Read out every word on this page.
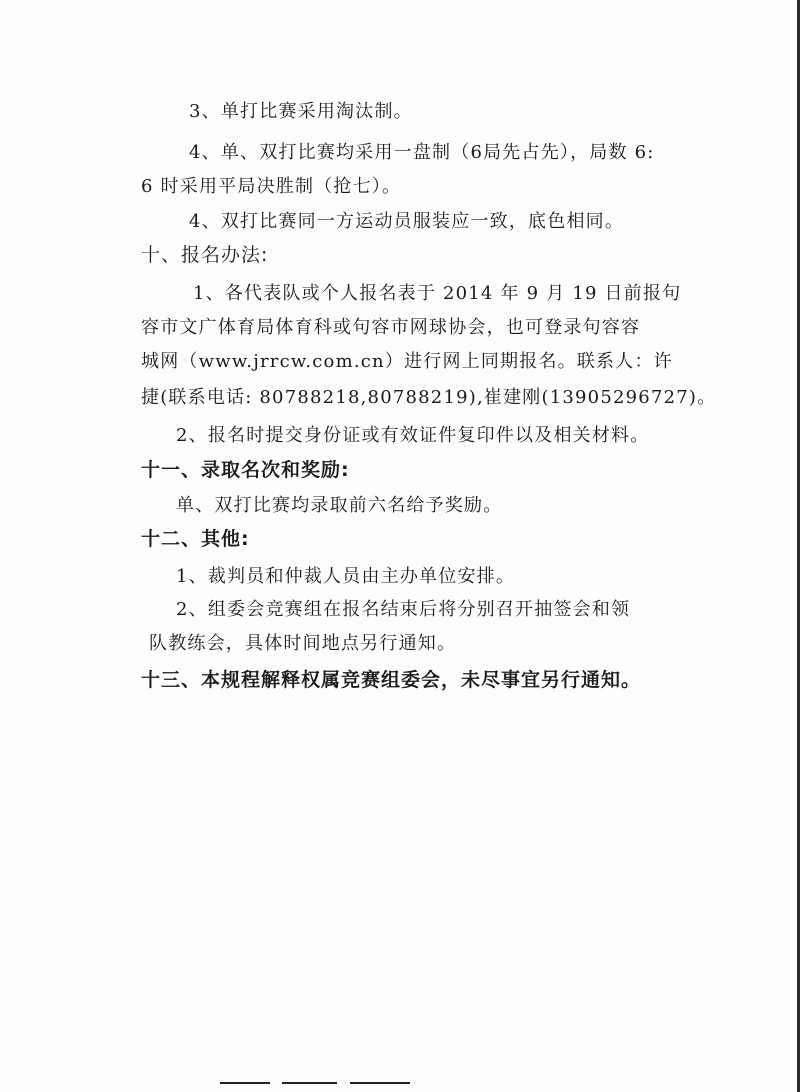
3、单打比赛采用淘汰制。
4、单、双打比赛均采用一盘制（6局先占先），局数 6:
6 时采用平局决胜制（抢七）。
4、双打比赛同一方运动员服装应一致，底色相同。
十、报名办法:
1、各代表队或个人报名表于 2014 年 9 月 19 日前报句
容市文广体育局体育科或句容市网球协会，也可登录句容容
城网（www.jrrcw.com.cn）进行网上同期报名。联系人：许
捷(联系电话: 80788218,80788219),崔建刚(13905296727)。
2、报名时提交身份证或有效证件复印件以及相关材料。
十一、录取名次和奖励:
单、双打比赛均录取前六名给予奖励。
十二、其他:
1、裁判员和仲裁人员由主办单位安排。
2、组委会竞赛组在报名结束后将分别召开抽签会和领
队教练会，具体时间地点另行通知。
十三、本规程解释权属竞赛组委会，未尽事宜另行通知。
